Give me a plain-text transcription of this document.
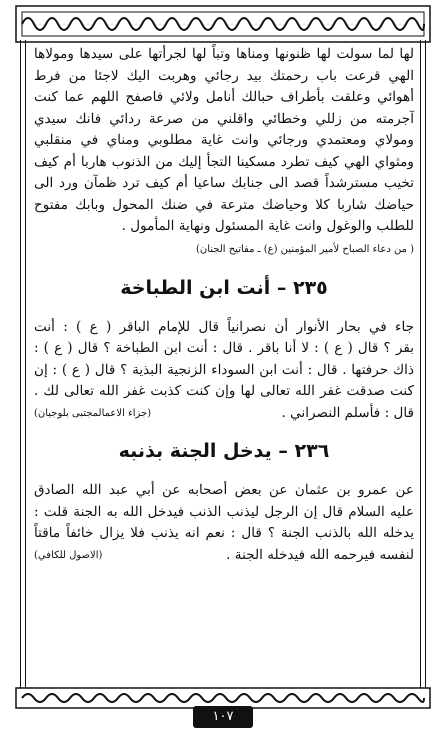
لها لما سولت لها ظنونها ومناها وتباً لها لجرأتها على سيدها ومولاها
الهي قرعت باب رحمتك بيد رجائي وهربت اليك لاجئا من فرط
أهوائي وعلقت بأطراف حبالك أنامل ولائي فاصفح اللهم عما كنت
آجرمته من زللي وخطائي واقلني من صرعة ردائي فانك سيدي
ومولاي ومعتمدي ورجائي وانت غاية مطلوبي ومناي في منقلبي
ومثواي الهي كيف تطرد مسكينا التجأ إليك من الذنوب هاربا أم كيف
تخيب مسترشداً قصد الى جنابك ساعيا أم كيف ترد ظمآن ورد الى
حياضك شاربا كلا وحياضك مترعة في ضنك المحول وبابك مفتوح
للطلب والوغول وانت غاية المسئول ونهاية المأمول .

( من دعاء الصباح لأمير المؤمنين (ع) ـ مفاتيح الجنان)

٢٣٥ – أنت ابن الطباخة
جاء في بحار الأنوار أن نصرانياً قال للإمام الباقر ( ع ) : أنت
بقر ؟ قال ( ع ) : لا أنا باقر . قال : أنت ابن الطباخة ؟ قال ( ع ) :
ذاك حرفتها . قال : أنت ابن السوداء الزنجية البذية ؟ قال ( ع ) : إن
كنت صدقت غفر الله تعالى لها وإن كنت كذبت غفر الله تعالى لك .
قال : فأسلم النصراني .
(جزاء الاعمالمجتبى بلوجيان)
٢٣٦ – يدخل الجنة بذنبه
عن عمرو بن عثمان عن بعض أصحابه عن أبي عبد الله الصادق
عليه السلام قال إن الرجل ليذنب الذنب فيدخل الله به الجنة قلت :
يدخله الله بالذنب الجنة ؟ قال : نعم انه يذنب فلا يزال خائفاً ماقتاً
لنفسه فيرحمه الله فيدخله الجنة .
(الاصول للكافي)
١٠٧
